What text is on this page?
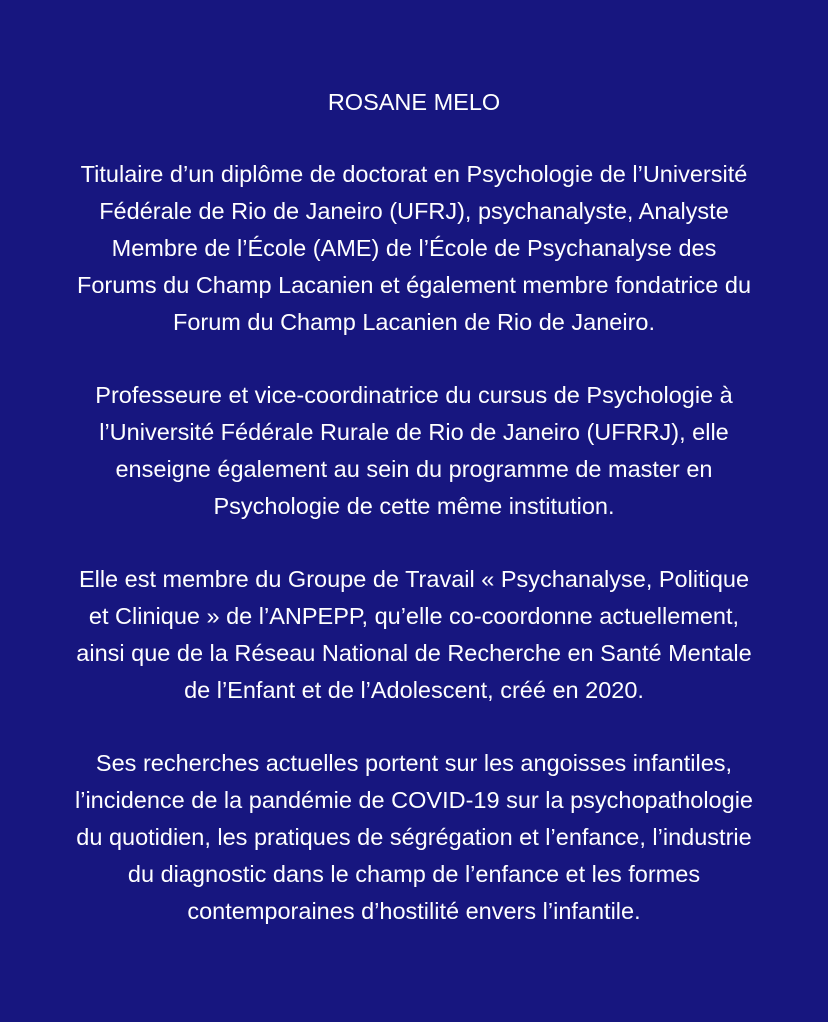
ROSANE MELO
Titulaire d’un diplôme de doctorat en Psychologie de l’Université
Fédérale de Rio de Janeiro (UFRJ), psychanalyste, Analyste
Membre de l’École (AME) de l’École de Psychanalyse des
Forums du Champ Lacanien et également membre fondatrice du
Forum du Champ Lacanien de Rio de Janeiro.
Professeure et vice-coordinatrice du cursus de Psychologie à
l’Université Fédérale Rurale de Rio de Janeiro (UFRRJ), elle
enseigne également au sein du programme de master en
Psychologie de cette même institution.
Elle est membre du Groupe de Travail « Psychanalyse, Politique
et Clinique » de l’ANPEPP, qu’elle co-coordonne actuellement,
ainsi que de la Réseau National de Recherche en Santé Mentale
de l’Enfant et de l’Adolescent, créé en 2020.
Ses recherches actuelles portent sur les angoisses infantiles,
l’incidence de la pandémie de COVID-19 sur la psychopathologie
du quotidien, les pratiques de ségrégation et l’enfance, l’industrie
du diagnostic dans le champ de l’enfance et les formes
contemporaines d’hostilité envers l’infantile.
